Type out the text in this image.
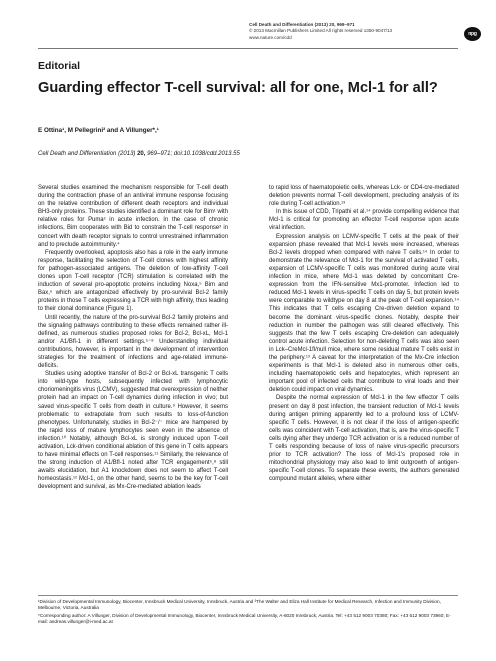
Cell Death and Differentiation (2013) 20, 969–971
© 2013 Macmillan Publishers Limited All rights reserved 1350-9047/13
www.nature.com/cdd
npg
Editorial
Guarding effector T-cell survival: all for one, Mcl-1 for all?
E Ottina¹, M Pellegrini² and A Villunger*,¹
Cell Death and Differentiation (2013) 20, 969–971; doi:10.1038/cdd.2013.55

Several studies examined the mechanism responsible for T-cell death during the contraction phase of an antiviral immune response focusing on the relative contribution of different death receptors and individual BH3-only proteins. These studies identified a dominant role for Bim¹ with relative roles for Puma² in acute infection. In the case of chronic infections, Bim cooperates with Bid to constrain the T-cell response³ in concert with death receptor signals to control unrestrained inflammation and to preclude autoimmunity.⁴

Frequently overlooked, apoptosis also has a role in the early immune response, facilitating the selection of T-cell clones with highest affinity for pathogen-associated antigens. The deletion of low-affinity T-cell clones upon T-cell receptor (TCR) stimulation is correlated with the induction of several pro-apoptotic proteins including Noxa,⁵ Bim and Bax,⁶ which are antagonized effectively by pro-survival Bcl-2 family proteins in those T cells expressing a TCR with high affinity, thus leading to their clonal dominance (Figure 1).

Until recently, the nature of the pro-survival Bcl-2 family proteins and the signaling pathways contributing to these effects remained rather ill-defined, as numerous studies proposed roles for Bcl-2, Bcl-xL, Mcl-1 and/or A1/Bfl-1 in different settings.⁵⁻⁸ Understanding individual contributions, however, is important in the development of intervention strategies for the treatment of infections and age-related immune-deficits.

Studies using adoptive transfer of Bcl-2 or Bcl-xL transgenic T cells into wild-type hosts, subsequently infected with lymphocytic choriomeningitis virus (LCMV), suggested that overexpression of neither protein had an impact on T-cell dynamics during infection in vivo; but saved virus-specific T cells from death in culture.⁹ However, it seems problematic to extrapolate from such results to loss-of-function phenotypes. Unfortunately, studies in Bcl-2⁻/⁻ mice are hampered by the rapid loss of mature lymphocytes seen even in the absence of infection.¹⁰ Notably, although Bcl-xL is strongly induced upon T-cell activation, Lck-driven conditional ablation of this gene in T cells appears to have minimal effects on T-cell responses.¹¹ Similarly, the relevance of the strong induction of A1/Bfl-1 noted after TCR engagement⁵,⁸ still awaits elucidation, but A1 knockdown does not seem to affect T-cell homeostasis.¹² Mcl-1, on the other hand, seems to be the key for T-cell development and survival, as Mx-Cre-mediated ablation leads

to rapid loss of haematopoietic cells, whereas Lck- or CD4-cre-mediated deletion prevents normal T-cell development, precluding analysis of its role during T-cell activation.¹³

In this issue of CDD, Tripathi et al.¹⁴ provide compelling evidence that Mcl-1 is critical for promoting an effector T-cell response upon acute viral infection.

Expression analysis on LCMV-specific T cells at the peak of their expansion phase revealed that Mcl-1 levels were increased, whereas Bcl-2 levels dropped when compared with naive T cells.¹⁴ In order to demonstrate the relevance of Mcl-1 for the survival of activated T cells, expansion of LCMV-specific T cells was monitored during acute viral infection in mice, where Mcl-1 was deleted by concomitant Cre-expression from the IFN-sensitive Mx1-promoter. Infection led to reduced Mcl-1 levels in virus-specific T cells on day 5, but protein levels were comparable to wildtype on day 8 at the peak of T-cell expansion.¹⁴ This indicates that T cells escaping Cre-driven deletion expand to become the dominant virus-specific clones. Notably, despite their reduction in number the pathogen was still cleared effectively. This suggests that the few T cells escaping Cre-deletion can adequately control acute infection. Selection for non-deleting T cells was also seen in Lck–CreMcl-1fl/null mice, where some residual mature T cells exist in the periphery.¹³ A caveat for the interpretation of the Mx-Cre infection experiments is that Mcl-1 is deleted also in numerous other cells, including haematopoietic cells and hepatocytes, which represent an important pool of infected cells that contribute to viral loads and their deletion could impact on viral dynamics.

Despite the normal expression of Mcl-1 in the few effector T cells present on day 8 post infection, the transient reduction of Mcl-1 levels during antigen priming apparently led to a profound loss of LCMV-specific T cells. However, it is not clear if the loss of antigen-specific cells was coincident with T-cell activation, that is, are the virus-specific T cells dying after they undergo TCR activation or is a reduced number of T cells responding because of loss of naive virus-specific precursors prior to TCR activation? The loss of Mcl-1's proposed role in mitochondrial physiology may also lead to limit outgrowth of antigen-specific T-cell clones. To separate these events, the authors generated compound mutant alleles, where either

¹Division of Developmental Immunology, Biocenter, Innsbruck Medical University, Innsbruck, Austria and ²The Walter and Eliza Hall Institute for Medical Research, Infection and Immunity Division, Melbourne, Victoria, Australia

*Corresponding author: A Villunger, Division of Developmental Immunology, Biocenter, Innsbruck Medical University, A-6020 Innsbruck, Austria. Tel: +43 512 9003 70380; Fax: +43 512 9003 73960; E-mail: andreas.villunger@i-med.ac.at
